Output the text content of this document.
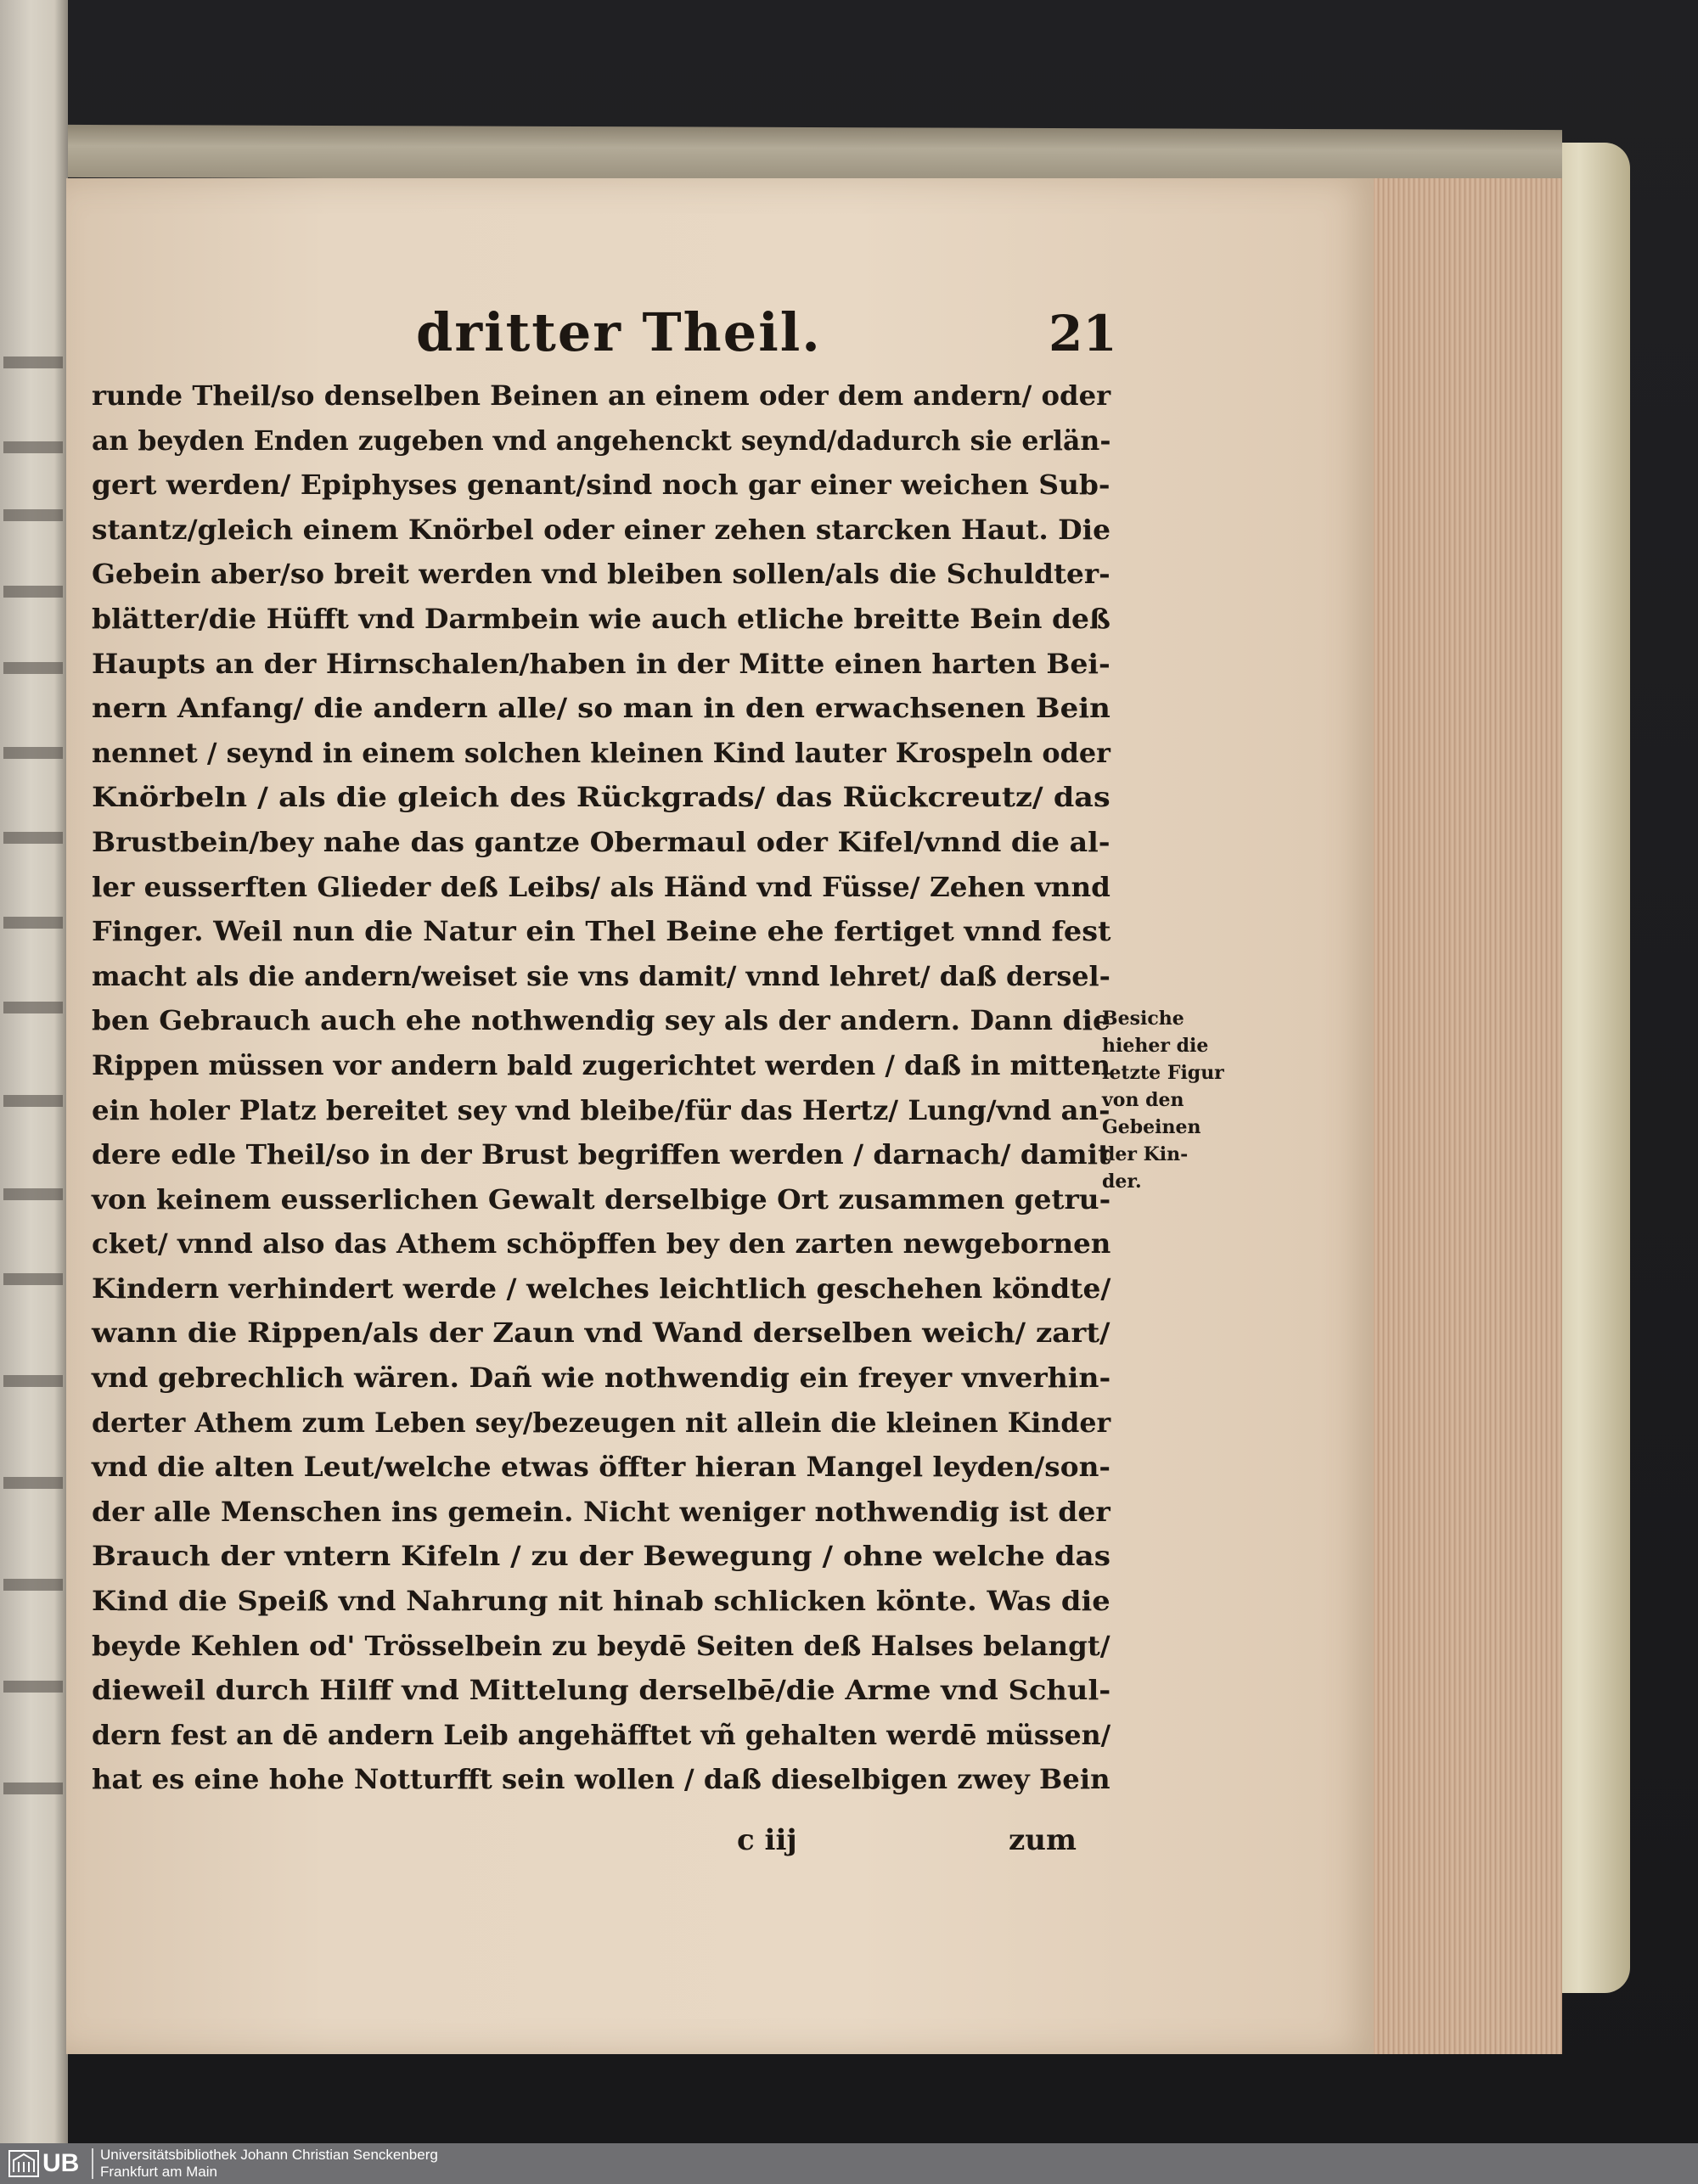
dritter Theil.	21
runde Theil/so denselben Beinen an einem oder dem andern/ oder
an beyden Enden zugeben vnd angehenckt seynd/dadurch sie erlän-
gert werden/ Epiphyses genant/sind noch gar einer weichen Sub-
stantz/gleich einem Knörbel oder einer zehen starcken Haut. Die
Gebein aber/so breit werden vnd bleiben sollen/als die Schuldter-
blätter/die Hüfft vnd Darmbein wie auch etliche breitte Bein deß
Haupts an der Hirnschalen/haben in der Mitte einen harten Bei-
nern Anfang/ die andern alle/ so man in den erwachsenen Bein
nennet / seynd in einem solchen kleinen Kind lauter Krospeln oder
Knörbeln / als die gleich des Rückgrads/ das Rückcreutz/ das
Brustbein/bey nahe das gantze Obermaul oder Kifel/vnnd die al-
ler eusserften Glieder deß Leibs/ als Händ vnd Füsse/ Zehen vnnd
Finger. Weil nun die Natur ein Thel Beine ehe fertiget vnnd fest
macht als die andern/weiset sie vns damit/ vnnd lehret/ daß dersel-
ben Gebrauch auch ehe nothwendig sey als der andern. Dann die
Rippen müssen vor andern bald zugerichtet werden / daß in mitten
ein holer Platz bereitet sey vnd bleibe/für das Hertz/ Lung/vnd an-
dere edle Theil/so in der Brust begriffen werden / darnach/ damit
von keinem eusserlichen Gewalt derselbige Ort zusammen getru-
cket/ vnnd also das Athem schöpffen bey den zarten newgebornen
Kindern verhindert werde / welches leichtlich geschehen köndte/
wann die Rippen/als der Zaun vnd Wand derselben weich/ zart/
vnd gebrechlich wären. Dañ wie nothwendig ein freyer vnverhin-
derter Athem zum Leben sey/bezeugen nit allein die kleinen Kinder
vnd die alten Leut/welche etwas öffter hieran Mangel leyden/son-
der alle Menschen ins gemein. Nicht weniger nothwendig ist der
Brauch der vntern Kifeln / zu der Bewegung / ohne welche das
Kind die Speiß vnd Nahrung nit hinab schlicken könte. Was die
beyde Kehlen od' Trösselbein zu beydē Seiten deß Halses belangt/
dieweil durch Hilff vnd Mittelung derselbē/die Arme vnd Schul-
dern fest an dē andern Leib angehäfftet vñ gehalten werdē müssen/
hat es eine hohe Notturfft sein wollen / daß dieselbigen zwey Bein
Besiche
hieher die
letzte Figur
von den
Gebeinen
der Kin-
der.
c iij	zum
UB Universitätsbibliothek Johann Christian Senckenberg
Frankfurt am Main
